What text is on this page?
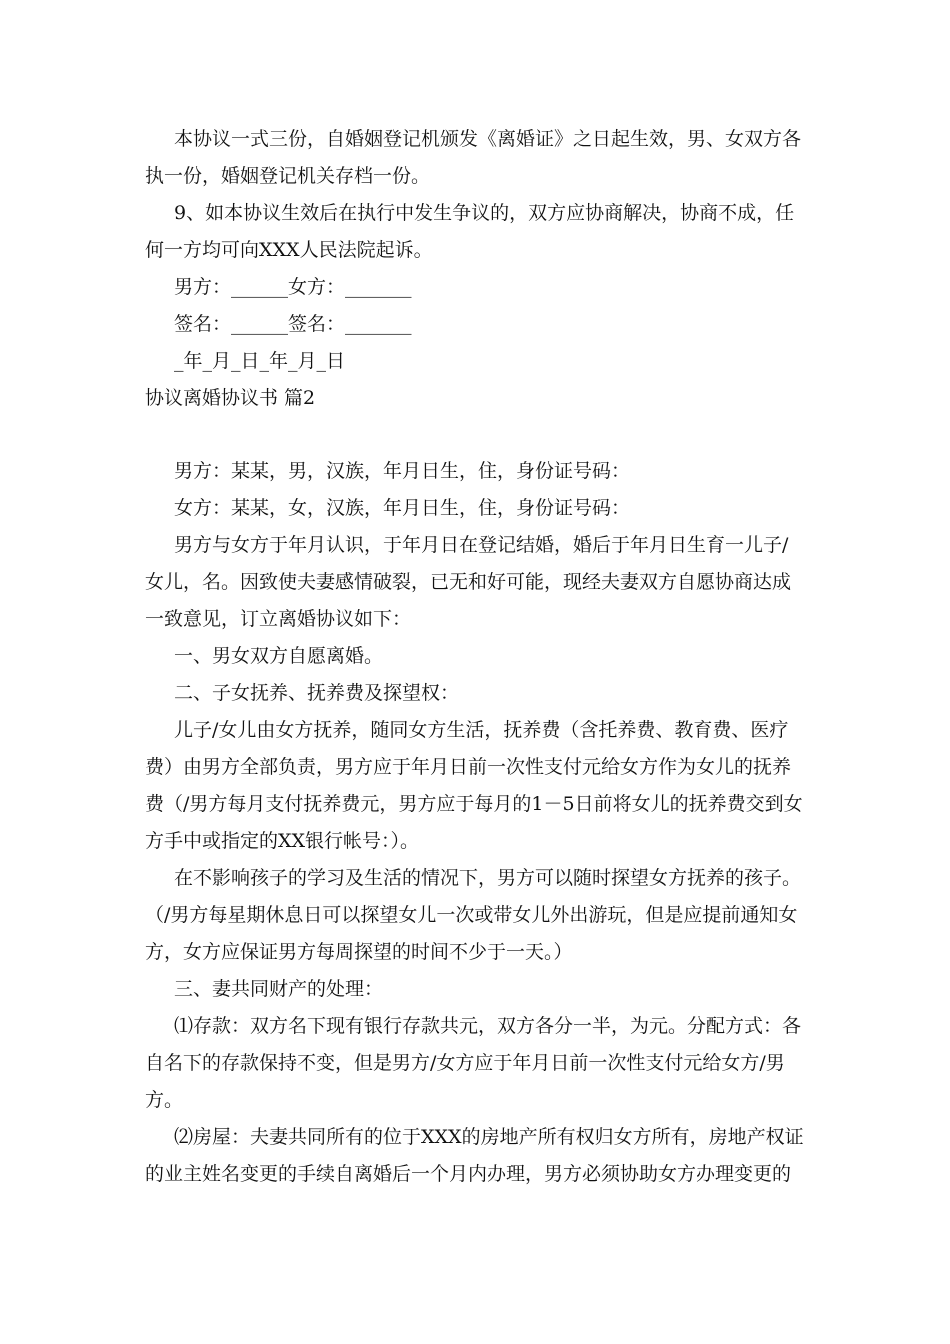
本协议一式三份，自婚姻登记机颁发《离婚证》之日起生效，男、女双方各执一份，婚姻登记机关存档一份。

9、如本协议生效后在执行中发生争议的，双方应协商解决，协商不成，任何一方均可向XXX人民法院起诉。

男方：______女方：_______

签名：______签名：_______

_年_月_日_年_月_日

协议离婚协议书 篇2

男方：某某，男，汉族，年月日生，住，身份证号码：

女方：某某，女，汉族，年月日生，住，身份证号码：

男方与女方于年月认识，于年月日在登记结婚，婚后于年月日生育一儿子/女儿，名。因致使夫妻感情破裂，已无和好可能，现经夫妻双方自愿协商达成一致意见，订立离婚协议如下：

一、男女双方自愿离婚。

二、子女抚养、抚养费及探望权：

儿子/女儿由女方抚养，随同女方生活，抚养费（含托养费、教育费、医疗费）由男方全部负责，男方应于年月日前一次性支付元给女方作为女儿的抚养费（/男方每月支付抚养费元，男方应于每月的1－5日前将女儿的抚养费交到女方手中或指定的XX银行帐号：）。

在不影响孩子的学习及生活的情况下，男方可以随时探望女方抚养的孩子。（/男方每星期休息日可以探望女儿一次或带女儿外出游玩，但是应提前通知女方，女方应保证男方每周探望的时间不少于一天。）

三、妻共同财产的处理：

⑴存款：双方名下现有银行存款共元，双方各分一半，为元。分配方式：各自名下的存款保持不变，但是男方/女方应于年月日前一次性支付元给女方/男方。

⑵房屋：夫妻共同所有的位于XXX的房地产所有权归女方所有，房地产权证的业主姓名变更的手续自离婚后一个月内办理，男方必须协助女方办理变更的
